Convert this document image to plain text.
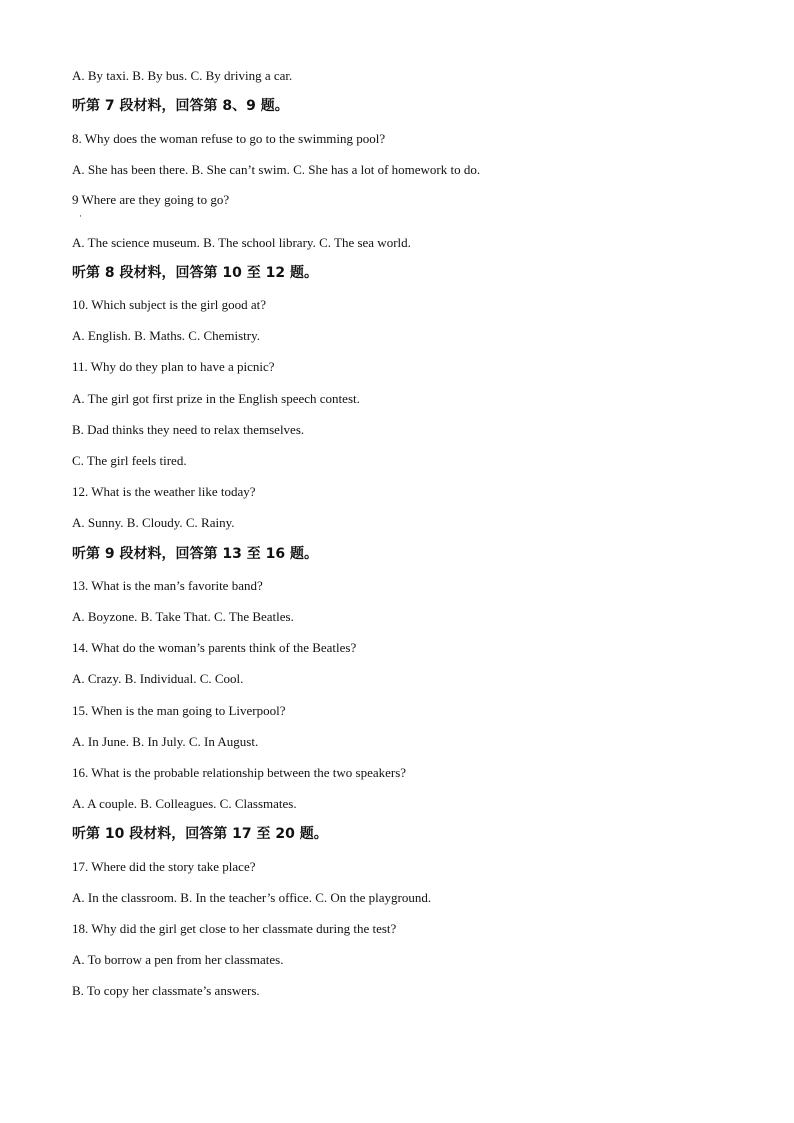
A. By taxi. B. By bus. C. By driving a car.
听第 7 段材料，回答第 8、9 题。
8. Why does the woman refuse to go to the swimming pool?
A. She has been there. B. She can’t swim. C. She has a lot of homework to do.
9 Where are they going to go?
·
A. The science museum. B. The school library. C. The sea world.
听第 8 段材料，回答第 10 至 12 题。
10. Which subject is the girl good at?
A. English. B. Maths. C. Chemistry.
11. Why do they plan to have a picnic?
A. The girl got first prize in the English speech contest.
B. Dad thinks they need to relax themselves.
C. The girl feels tired.
12. What is the weather like today?
A. Sunny. B. Cloudy. C. Rainy.
听第 9 段材料，回答第 13 至 16 题。
13. What is the man’s favorite band?
A. Boyzone. B. Take That. C. The Beatles.
14. What do the woman’s parents think of the Beatles?
A. Crazy. B. Individual. C. Cool.
15. When is the man going to Liverpool?
A. In June. B. In July. C. In August.
16. What is the probable relationship between the two speakers?
A. A couple. B. Colleagues. C. Classmates.
听第 10 段材料，回答第 17 至 20 题。
17. Where did the story take place?
A. In the classroom. B. In the teacher’s office. C. On the playground.
18. Why did the girl get close to her classmate during the test?
A. To borrow a pen from her classmates.
B. To copy her classmate’s answers.
